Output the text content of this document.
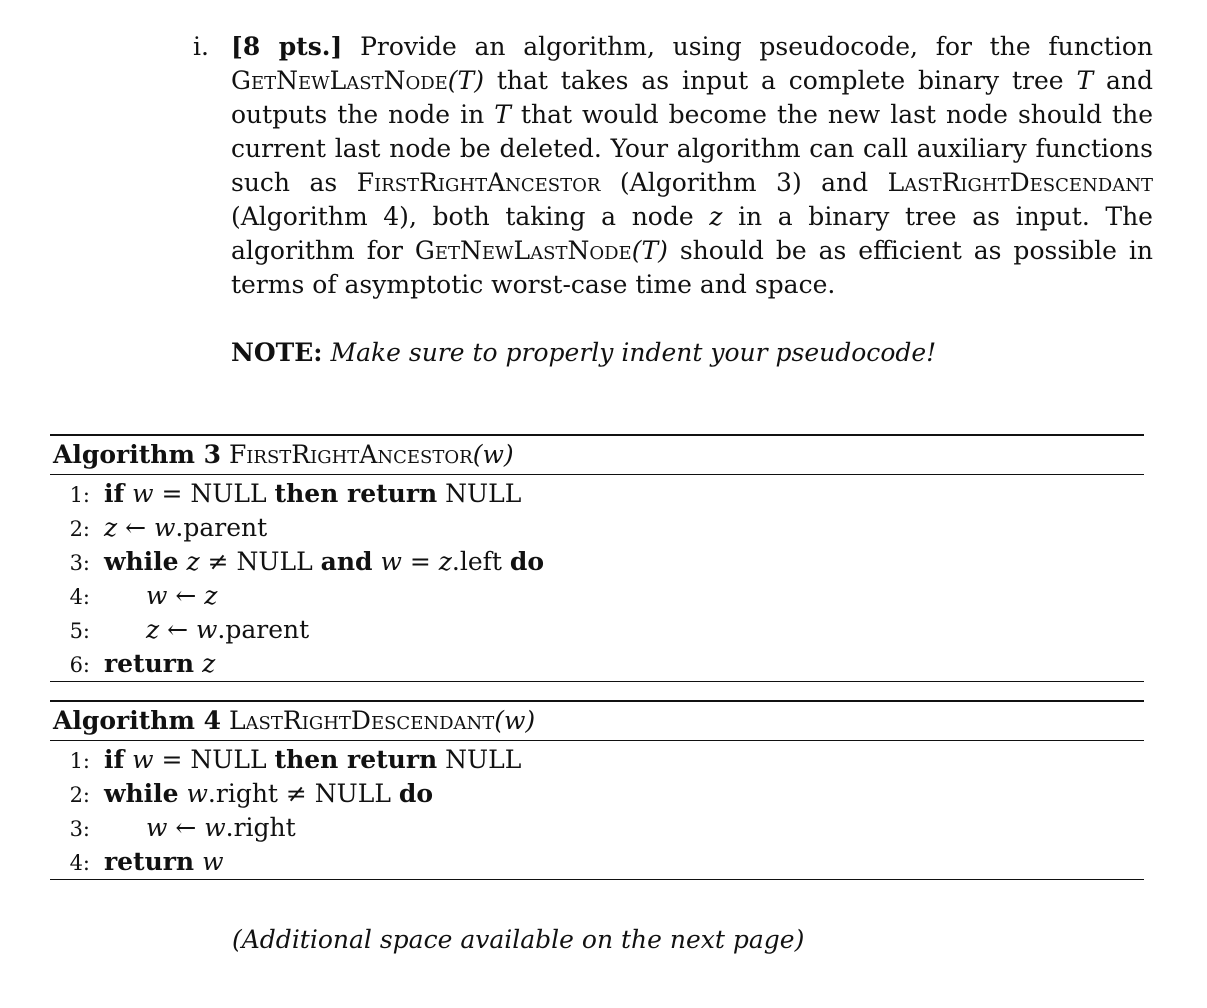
i. [8 pts.] Provide an algorithm, using pseudocode, for the function GetNewLastNode(T) that takes as input a complete binary tree T and outputs the node in T that would become the new last node should the current last node be deleted. Your algorithm can call auxiliary functions such as FirstRightAncestor (Algorithm 3) and LastRightDescendant (Algorithm 4), both taking a node z in a binary tree as input. The algorithm for GetNewLastNode(T) should be as efficient as possible in terms of asymptotic worst-case time and space.
NOTE: Make sure to properly indent your pseudocode!
Algorithm 3 FirstRightAncestor(w)
1: if w = NULL then return NULL
2: z ← w.parent
3: while z ≠ NULL and w = z.left do
4: w ← z
5: z ← w.parent
6: return z
Algorithm 4 LastRightDescendant(w)
1: if w = NULL then return NULL
2: while w.right ≠ NULL do
3: w ← w.right
4: return w
(Additional space available on the next page)
